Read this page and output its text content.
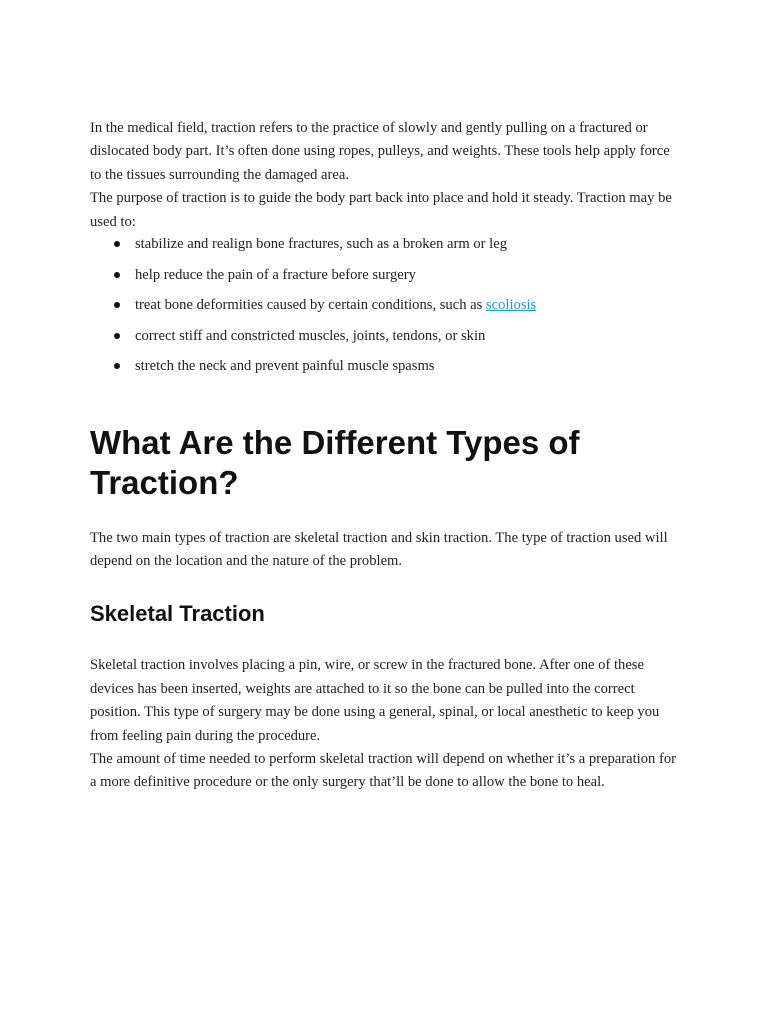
In the medical field, traction refers to the practice of slowly and gently pulling on a fractured or dislocated body part. It’s often done using ropes, pulleys, and weights. These tools help apply force to the tissues surrounding the damaged area.

The purpose of traction is to guide the body part back into place and hold it steady. Traction may be used to:

stabilize and realign bone fractures, such as a broken arm or leg
help reduce the pain of a fracture before surgery
treat bone deformities caused by certain conditions, such as scoliosis
correct stiff and constricted muscles, joints, tendons, or skin
stretch the neck and prevent painful muscle spasms
What Are the Different Types of Traction?

The two main types of traction are skeletal traction and skin traction. The type of traction used will depend on the location and the nature of the problem.

Skeletal Traction

Skeletal traction involves placing a pin, wire, or screw in the fractured bone. After one of these devices has been inserted, weights are attached to it so the bone can be pulled into the correct position. This type of surgery may be done using a general, spinal, or local anesthetic to keep you from feeling pain during the procedure.

The amount of time needed to perform skeletal traction will depend on whether it’s a preparation for a more definitive procedure or the only surgery that’ll be done to allow the bone to heal.
